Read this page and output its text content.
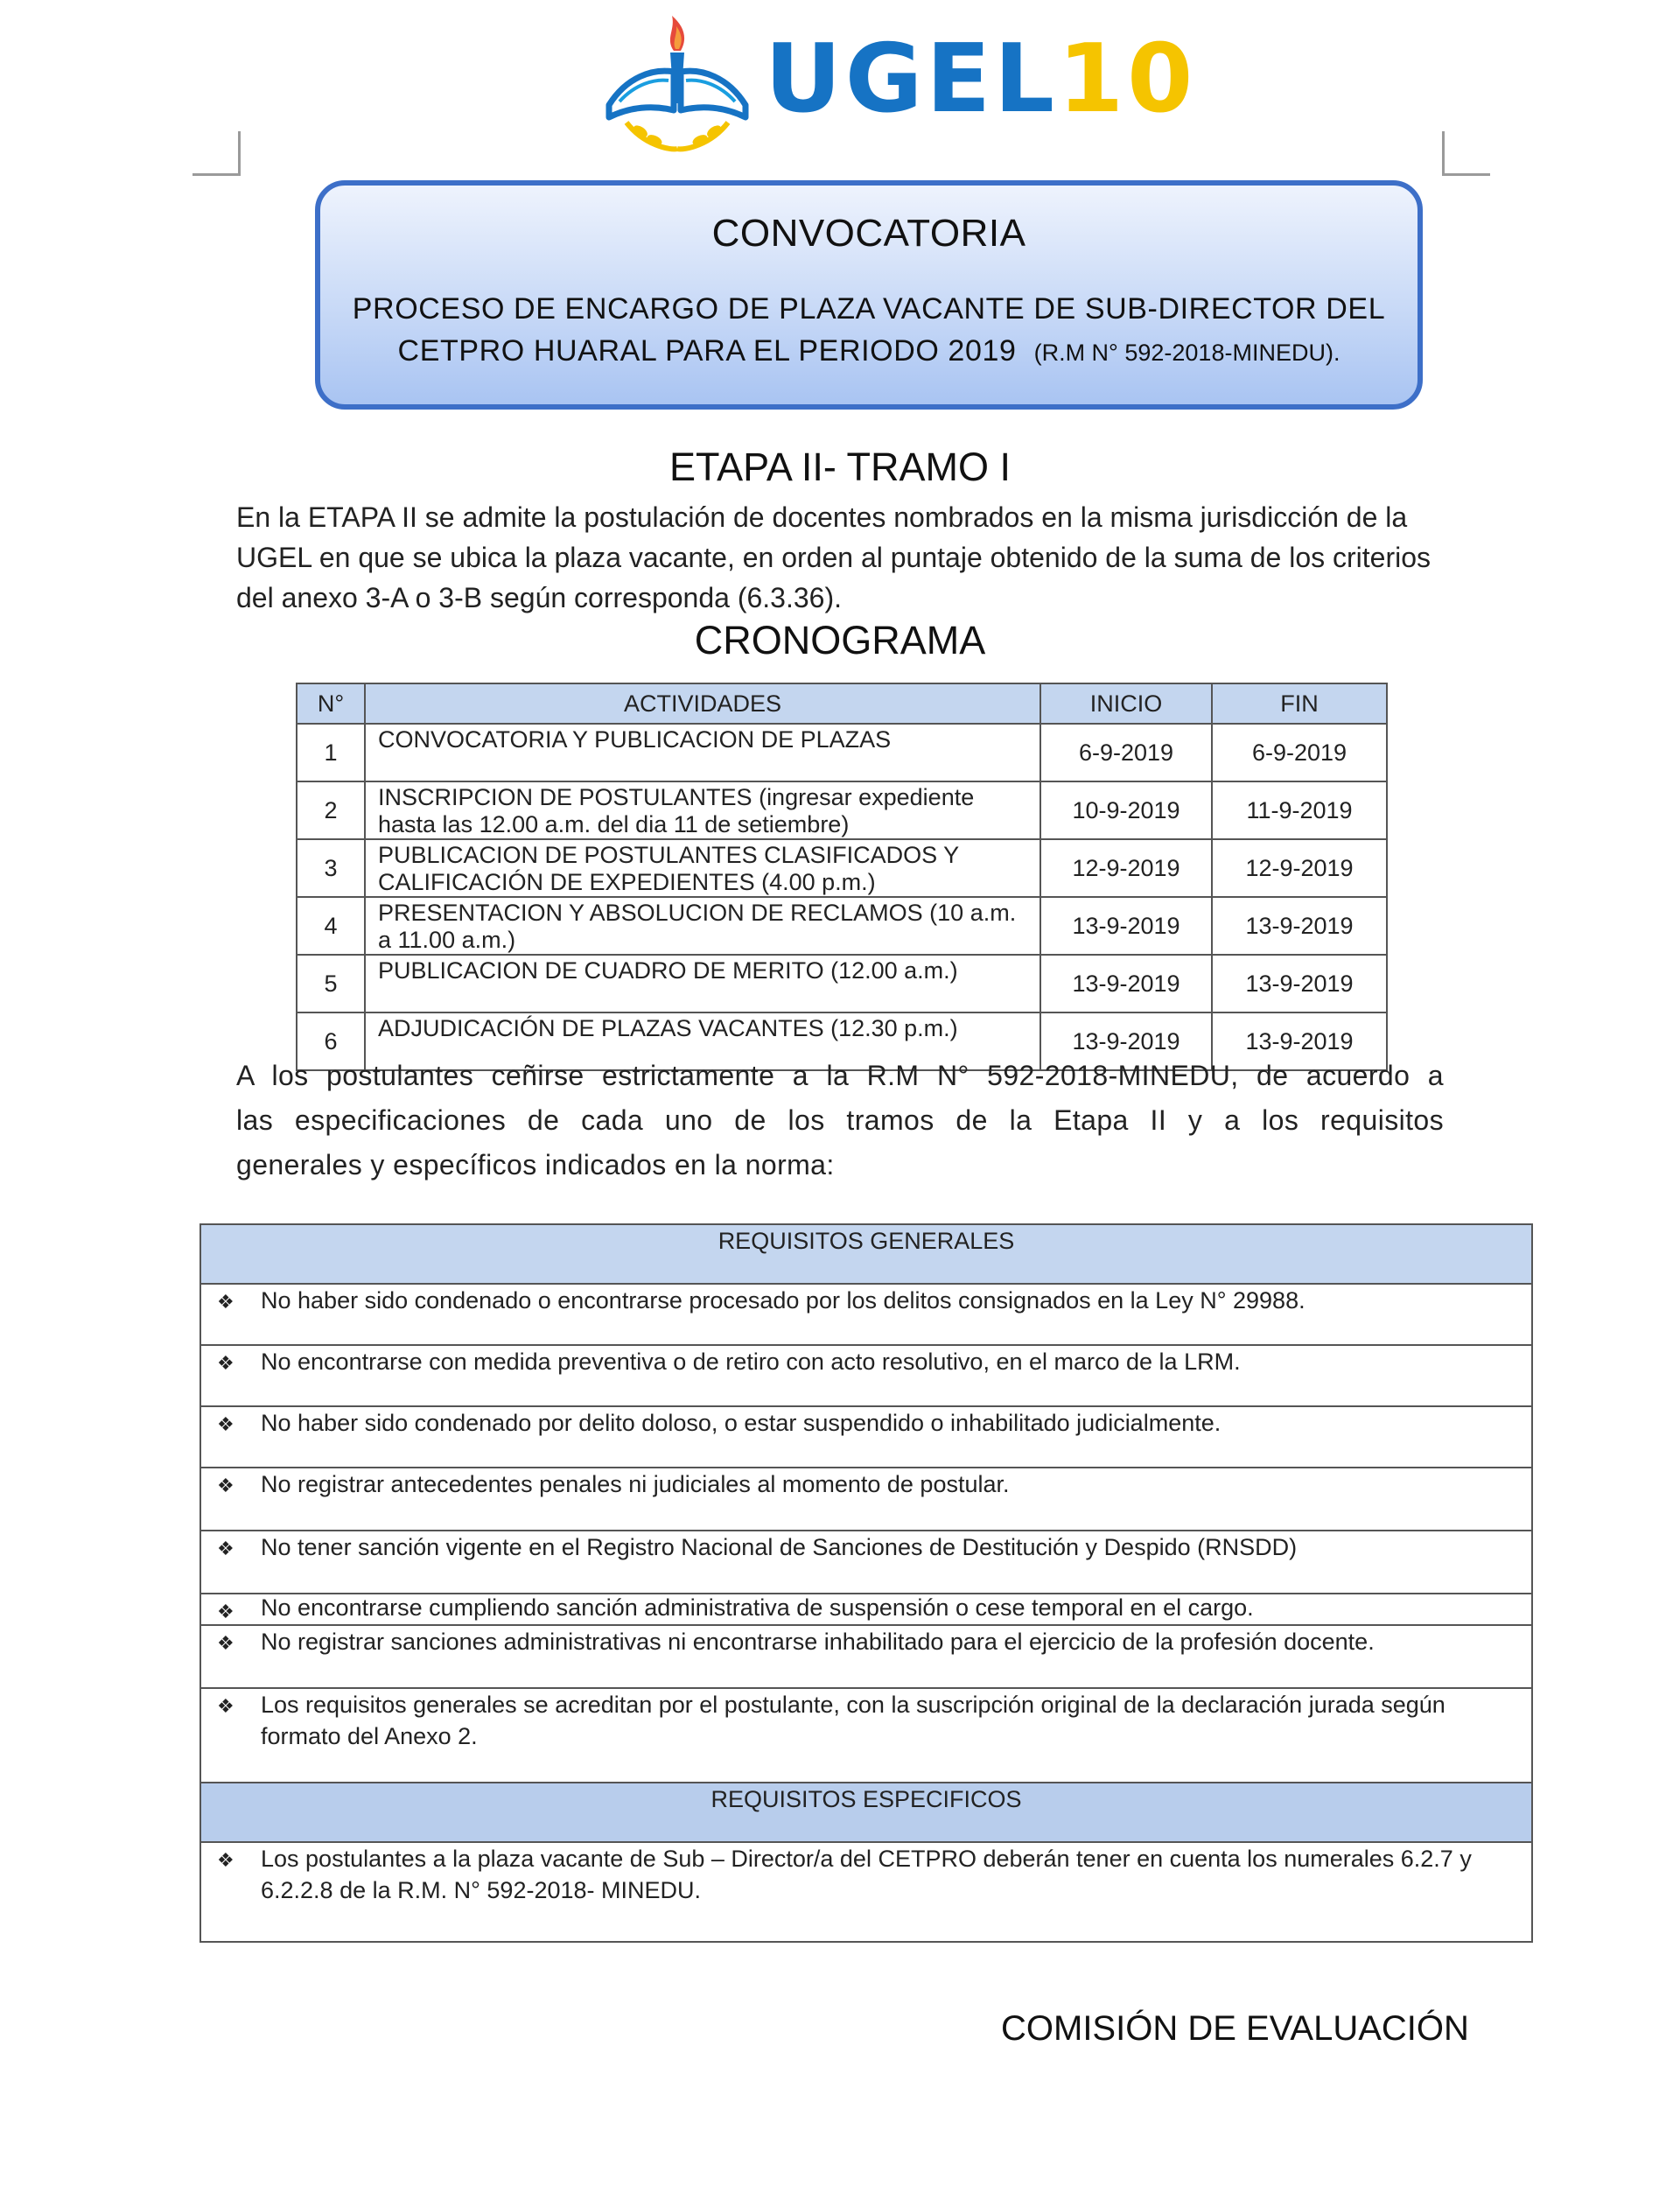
UGEL10
CONVOCATORIA
PROCESO DE ENCARGO DE PLAZA VACANTE DE SUB-DIRECTOR DEL
CETPRO HUARAL PARA EL PERIODO 2019 (R.M N° 592-2018-MINEDU).
ETAPA II- TRAMO I
En la ETAPA II se admite la postulación de docentes nombrados en la misma jurisdicción de la
UGEL en que se ubica la plaza vacante, en orden al puntaje obtenido de la suma de los criterios
del anexo 3-A o 3-B según corresponda (6.3.36).
CRONOGRAMA
N°	ACTIVIDADES	INICIO	FIN
1	CONVOCATORIA Y PUBLICACION DE PLAZAS	6-9-2019	6-9-2019
2	INSCRIPCION DE POSTULANTES (ingresar expediente hasta las 12.00 a.m. del dia 11 de setiembre)	10-9-2019	11-9-2019
3	PUBLICACION DE POSTULANTES CLASIFICADOS Y CALIFICACIÓN DE EXPEDIENTES (4.00 p.m.)	12-9-2019	12-9-2019
4	PRESENTACION Y ABSOLUCION DE RECLAMOS (10 a.m. a 11.00 a.m.)	13-9-2019	13-9-2019
5	PUBLICACION DE CUADRO DE MERITO (12.00 a.m.)	13-9-2019	13-9-2019
6	ADJUDICACIÓN DE PLAZAS VACANTES (12.30 p.m.)	13-9-2019	13-9-2019
A los postulantes ceñirse estrictamente a la R.M N° 592-2018-MINEDU, de acuerdo a
las especificaciones de cada uno de los tramos de la Etapa II y a los requisitos
generales y específicos indicados en la norma:
REQUISITOS GENERALES
❖ No haber sido condenado o encontrarse procesado por los delitos consignados en la Ley N° 29988.
❖ No encontrarse con medida preventiva o de retiro con acto resolutivo, en el marco de la LRM.
❖ No haber sido condenado por delito doloso, o estar suspendido o inhabilitado judicialmente.
❖ No registrar antecedentes penales ni judiciales al momento de postular.
❖ No tener sanción vigente en el Registro Nacional de Sanciones de Destitución y Despido (RNSDD)
❖ No encontrarse cumpliendo sanción administrativa de suspensión o cese temporal en el cargo.
❖ No registrar sanciones administrativas ni encontrarse inhabilitado para el ejercicio de la profesión docente.
❖ Los requisitos generales se acreditan por el postulante, con la suscripción original de la declaración jurada según formato del Anexo 2.
REQUISITOS ESPECIFICOS
❖ Los postulantes a la plaza vacante de Sub – Director/a del CETPRO deberán tener en cuenta los numerales 6.2.7 y 6.2.2.8 de la R.M. N° 592-2018- MINEDU.
COMISIÓN DE EVALUACIÓN
